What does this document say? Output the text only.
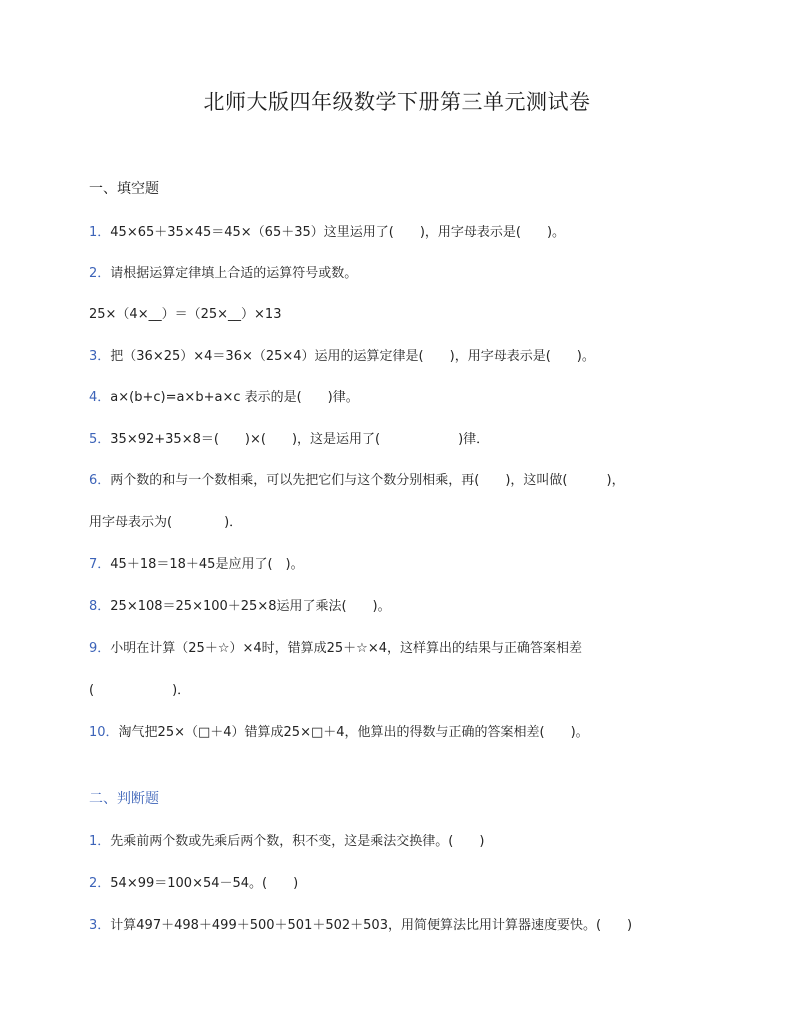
北师大版四年级数学下册第三单元测试卷
一、填空题
1．45×65＋35×45＝45×（65＋35）这里运用了(　　)，用字母表示是(　　)。
2．请根据运算定律填上合适的运算符号或数。
25×（4×__）＝（25×__）×13
3．把（36×25）×4＝36×（25×4）运用的运算定律是(　　)，用字母表示是(　　)。
4．a×(b+c)=a×b+a×c 表示的是(　　)律。
5．35×92+35×8＝(　　)×(　　)，这是运用了(　　　　　　)律．
6．两个数的和与一个数相乘，可以先把它们与这个数分别相乘，再(　　)，这叫做(　　　)，
用字母表示为(　　　　)．
7．45＋18＝18＋45是应用了(　)。
8．25×108＝25×100＋25×8运用了乘法(　　)。
9．小明在计算（25＋☆）×4时，错算成25＋☆×4，这样算出的结果与正确答案相差
(　　　　　　)．
10．淘气把25×（□＋4）错算成25×□＋4，他算出的得数与正确的答案相差(　　)。
二、判断题
1．先乘前两个数或先乘后两个数，积不变，这是乘法交换律。(　　)
2．54×99＝100×54－54。(　　)
3．计算497＋498＋499＋500＋501＋502＋503，用简便算法比用计算器速度要快。(　　)
